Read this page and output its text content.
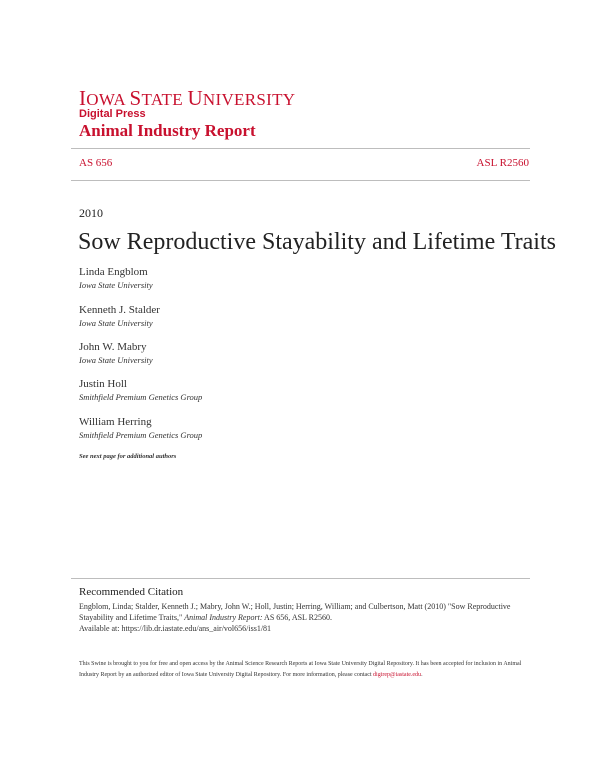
IOWA STATE UNIVERSITY
Digital Press
Animal Industry Report
AS 656	ASL R2560
2010
Sow Reproductive Stayability and Lifetime Traits
Linda Engblom
Iowa State University
Kenneth J. Stalder
Iowa State University
John W. Mabry
Iowa State University
Justin Holl
Smithfield Premium Genetics Group
William Herring
Smithfield Premium Genetics Group
See next page for additional authors
Recommended Citation
Engblom, Linda; Stalder, Kenneth J.; Mabry, John W.; Holl, Justin; Herring, William; and Culbertson, Matt (2010) "Sow Reproductive Stayability and Lifetime Traits," Animal Industry Report: AS 656, ASL R2560.
Available at: https://lib.dr.iastate.edu/ans_air/vol656/iss1/81
This Swine is brought to you for free and open access by the Animal Science Research Reports at Iowa State University Digital Repository. It has been accepted for inclusion in Animal Industry Report by an authorized editor of Iowa State University Digital Repository. For more information, please contact digirep@iastate.edu.
